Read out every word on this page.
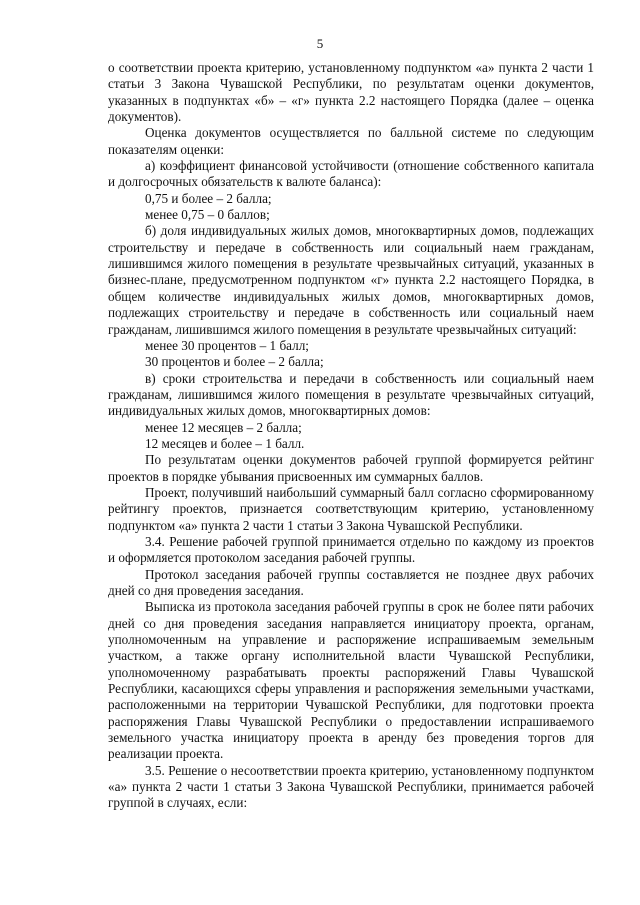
5

о соответствии проекта критерию, установленному подпунктом «а» пункта 2 части 1 статьи 3 Закона Чувашской Республики, по результатам оценки документов, указанных в подпунктах «б» – «г» пункта 2.2 настоящего Порядка (далее – оценка документов).

Оценка документов осуществляется по балльной системе по следующим показателям оценки:

а) коэффициент финансовой устойчивости (отношение собственного капитала и долгосрочных обязательств к валюте баланса):

0,75 и более – 2 балла;

менее 0,75 – 0 баллов;

б) доля индивидуальных жилых домов, многоквартирных домов, подлежащих строительству и передаче в собственность или социальный наем гражданам, лишившимся жилого помещения в результате чрезвычайных ситуаций, указанных в бизнес-плане, предусмотренном подпунктом «г» пункта 2.2 настоящего Порядка, в общем количестве индивидуальных жилых домов, многоквартирных домов, подлежащих строительству и передаче в собственность или социальный наем гражданам, лишившимся жилого помещения в результате чрезвычайных ситуаций:

менее 30 процентов – 1 балл;

30 процентов и более – 2 балла;

в) сроки строительства и передачи в собственность или социальный наем гражданам, лишившимся жилого помещения в результате чрезвычайных ситуаций, индивидуальных жилых домов, многоквартирных домов:

менее 12 месяцев – 2 балла;

12 месяцев и более – 1 балл.

По результатам оценки документов рабочей группой формируется рейтинг проектов в порядке убывания присвоенных им суммарных баллов.

Проект, получивший наибольший суммарный балл согласно сформированному рейтингу проектов, признается соответствующим критерию, установленному подпунктом «а» пункта 2 части 1 статьи 3 Закона Чувашской Республики.

3.4. Решение рабочей группой принимается отдельно по каждому из проектов и оформляется протоколом заседания рабочей группы.

Протокол заседания рабочей группы составляется не позднее двух рабочих дней со дня проведения заседания.

Выписка из протокола заседания рабочей группы в срок не более пяти рабочих дней со дня проведения заседания направляется инициатору проекта, органам, уполномоченным на управление и распоряжение испрашиваемым земельным участком, а также органу исполнительной власти Чувашской Республики, уполномоченному разрабатывать проекты распоряжений Главы Чувашской Республики, касающихся сферы управления и распоряжения земельными участками, расположенными на территории Чувашской Республики, для подготовки проекта распоряжения Главы Чувашской Республики о предоставлении испрашиваемого земельного участка инициатору проекта в аренду без проведения торгов для реализации проекта.

3.5. Решение о несоответствии проекта критерию, установленному подпунктом «а» пункта 2 части 1 статьи 3 Закона Чувашской Республики, принимается рабочей группой в случаях, если:
